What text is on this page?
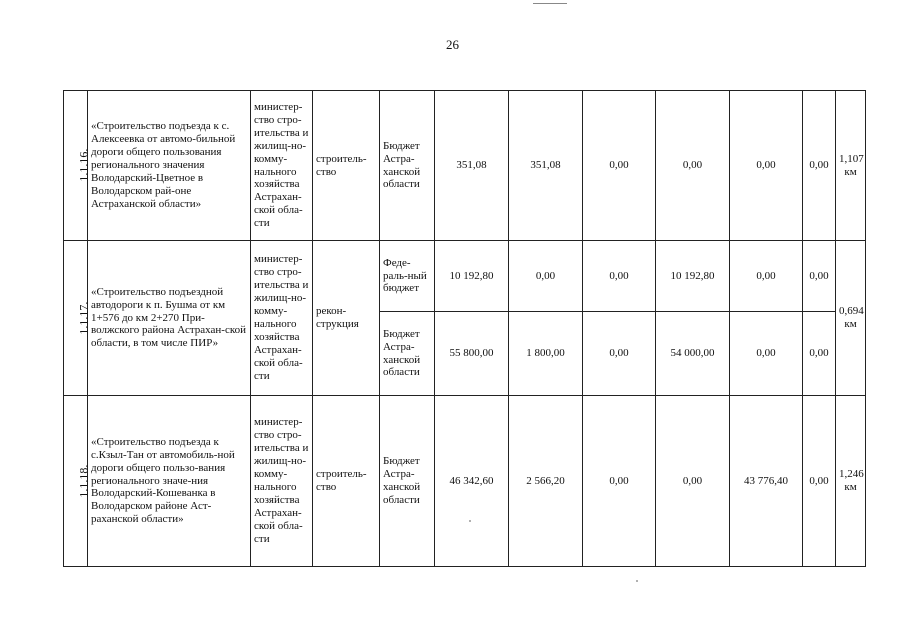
26
1.1.16.	«Строительство подъезда к с. Алексеевка от автомо-бильной дороги общего пользования регионального значения Володарский-Цветное в Володарском рай-оне Астраханской области»	министер-ство стро-ительства и жилищ-но-комму-нального хозяйства Астрахан-ской обла-сти	строитель-ство	Бюджет Астра-ханской области	351,08	351,08	0,00	0,00	0,00	0,00	1,107 км
1.1.17.	«Строительство подъездной автодороги к п. Бушма от км 1+576 до км 2+270 При-волжского района Астрахан-ской области, в том числе ПИР»	министер-ство стро-ительства и жилищ-но-комму-нального хозяйства Астрахан-ской обла-сти	рекон-струкция	Феде-раль-ный бюджет	10 192,80	0,00	0,00	10 192,80	0,00	0,00	0,694 км
				Бюджет Астра-ханской области	55 800,00	1 800,00	0,00	54 000,00	0,00	0,00	
1.1.18.	«Строительство подъезда к с.Кзыл-Тан от автомобиль-ной дороги общего пользо-вания регионального значе-ния Володарский-Кошеванка в Володарском районе Аст-раханской области»	министер-ство стро-ительства и жилищ-но-комму-нального хозяйства Астрахан-ской обла-сти	строитель-ство	Бюджет Астра-ханской области	46 342,60	2 566,20	0,00	0,00	43 776,40	0,00	1,246 км
